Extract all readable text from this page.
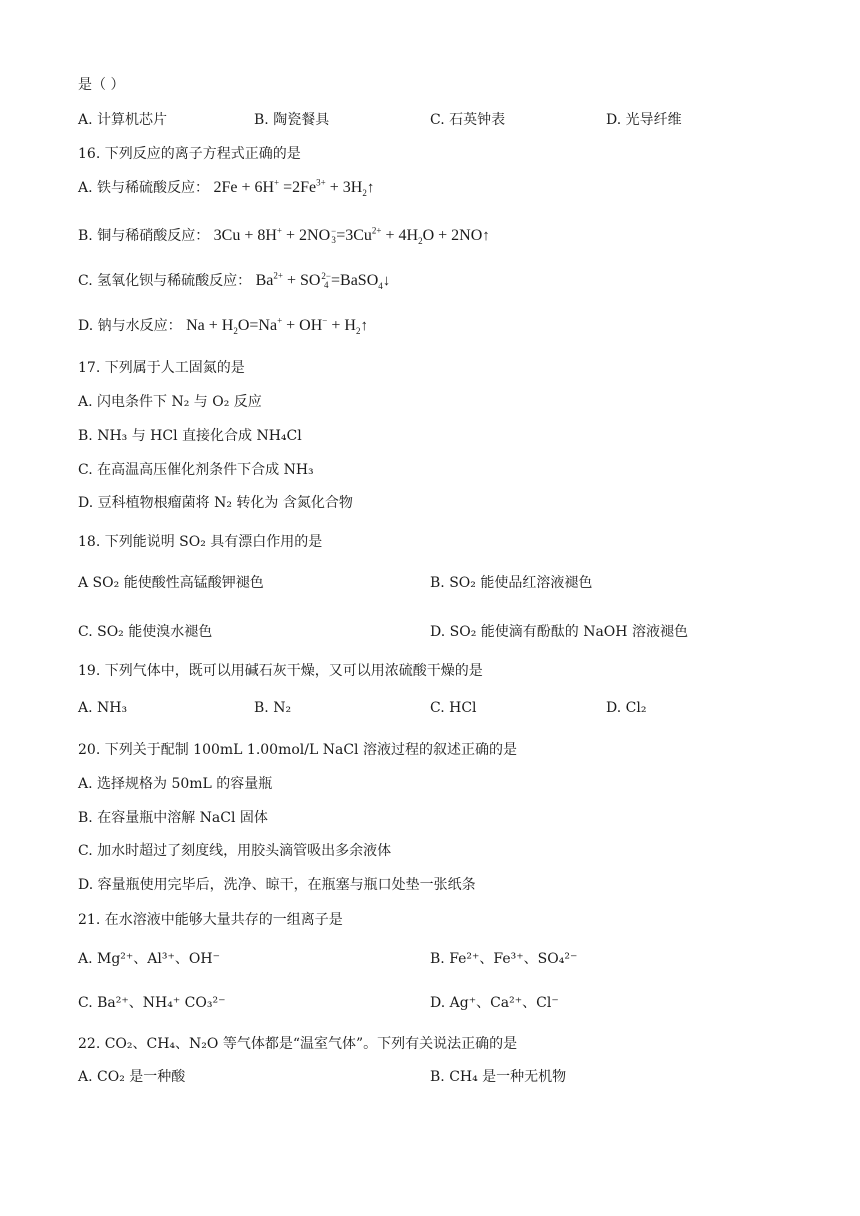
是（ ）
A. 计算机芯片	B. 陶瓷餐具	C. 石英钟表	D. 光导纤维
16. 下列反应的离子方程式正确的是
A. 铁与稀硫酸反应： $2Fe + 6H^+ =2Fe^{3+}$ + $3H_2↑$
B. 铜与稀硝酸反应： 3Cu + 8H+ + 2NO−
$3=3Cu^{2+} + 4H_2O$ + 2NO↑
C. 氢氧化钡与稀硫酸反应： $Ba^{2+} + SO2-$
4 =BaSO$_4$↓
D. 钠与水反应： $Na + H_2O=Na^+ + OH^-$ + $H_2↑$
17. 下列属于人工固氮的是
A. 闪电条件下 N₂ 与 O₂ 反应
B. NH₃ 与 HCl 直接化合成 NH₄Cl
C. 在高温高压催化剂条件下合成 NH₃
D. 豆科植物根瘤菌将 N₂ 转化为 含氮化合物
18. 下列能说明 SO₂ 具有漂白作用的是
A SO₂ 能使酸性高锰酸钾褪色	B. SO₂ 能使品红溶液褪色
C. SO₂ 能使溴水褪色	D. SO₂ 能使滴有酚酞的 NaOH 溶液褪色
19. 下列气体中，既可以用碱石灰干燥，又可以用浓硫酸干燥的是
A. NH₃	B. N₂	C. HCl	D. Cl₂
20. 下列关于配制 100mL 1.00mol/L NaCl 溶液过程的叙述正确的是
A. 选择规格为 50mL 的容量瓶
B. 在容量瓶中溶解 NaCl 固体
C. 加水时超过了刻度线，用胶头滴管吸出多余液体
D. 容量瓶使用完毕后，洗净、晾干，在瓶塞与瓶口处垫一张纸条
21. 在水溶液中能够大量共存的一组离子是
A. Mg²⁺、Al³⁺、OH⁻	B. Fe²⁺、Fe³⁺、SO₄²⁻
C. Ba²⁺、NH₄⁺ CO₃²⁻	D. Ag⁺、Ca²⁺、Cl⁻
22. CO₂、CH₄、N₂O 等气体都是“温室气体”。下列有关说法正确的是
A. CO₂ 是一种酸	B. CH₄ 是一种无机物
